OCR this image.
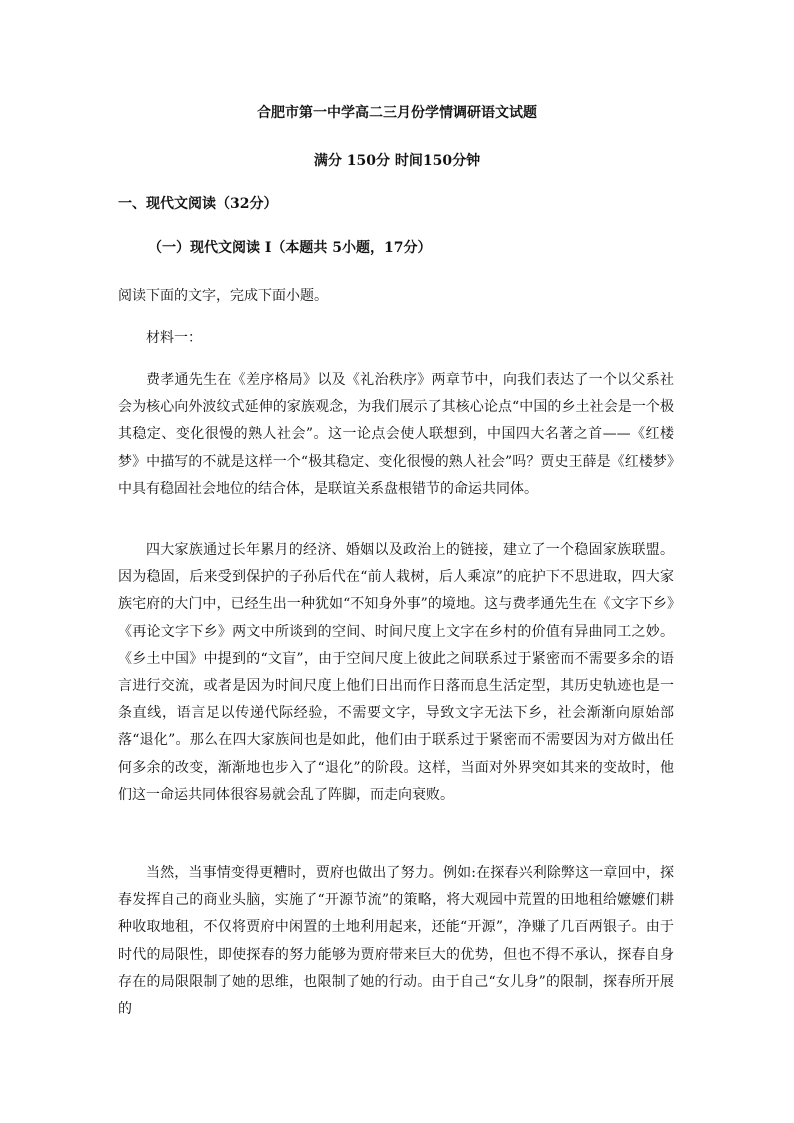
合肥市第一中学高二三月份学情调研语文试题
满分 150分 时间150分钟
一、现代文阅读（32分）
（一）现代文阅读 I（本题共 5小题，17分）

阅读下面的文字，完成下面小题。

材料一：

费孝通先生在《差序格局》以及《礼治秩序》两章节中，向我们表达了一个以父系社会为核心向外波纹式延伸的家族观念，为我们展示了其核心论点“中国的乡土社会是一个极其稳定、变化很慢的熟人社会”。这一论点会使人联想到，中国四大名著之首——《红楼梦》中描写的不就是这样一个“极其稳定、变化很慢的熟人社会”吗？贾史王薛是《红楼梦》中具有稳固社会地位的结合体，是联谊关系盘根错节的命运共同体。

四大家族通过长年累月的经济、婚姻以及政治上的链接，建立了一个稳固家族联盟。因为稳固，后来受到保护的子孙后代在“前人栽树，后人乘凉”的庇护下不思进取，四大家族宅府的大门中，已经生出一种犹如“不知身外事”的境地。这与费孝通先生在《文字下乡》《再论文字下乡》两文中所谈到的空间、时间尺度上文字在乡村的价值有异曲同工之妙。《乡土中国》中提到的“文盲”，由于空间尺度上彼此之间联系过于紧密而不需要多余的语言进行交流，或者是因为时间尺度上他们日出而作日落而息生活定型，其历史轨迹也是一条直线，语言足以传递代际经验，不需要文字，导致文字无法下乡，社会渐渐向原始部落“退化”。那么在四大家族间也是如此，他们由于联系过于紧密而不需要因为对方做出任何多余的改变，渐渐地也步入了“退化”的阶段。这样，当面对外界突如其来的变故时，他们这一命运共同体很容易就会乱了阵脚，而走向衰败。

当然，当事情变得更糟时，贾府也做出了努力。例如:在探春兴利除弊这一章回中，探春发挥自己的商业头脑，实施了“开源节流”的策略，将大观园中荒置的田地租给嬷嬷们耕种收取地租，不仅将贾府中闲置的土地利用起来，还能“开源”，净赚了几百两银子。由于时代的局限性，即使探春的努力能够为贾府带来巨大的优势，但也不得不承认，探春自身存在的局限限制了她的思维，也限制了她的行动。由于自己“女儿身”的限制，探春所开展的
